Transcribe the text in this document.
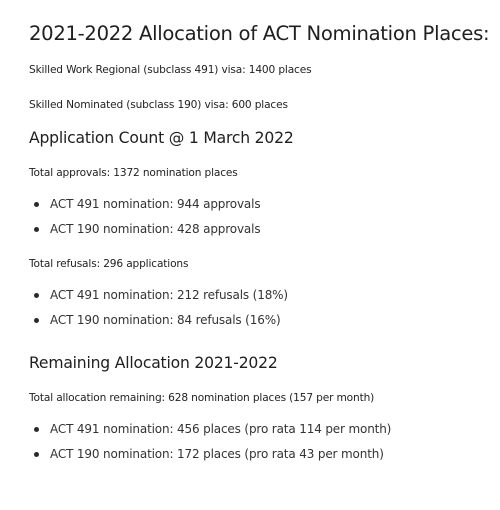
2021-2022 Allocation of ACT Nomination Places:

Skilled Work Regional (subclass 491) visa: 1400 places

Skilled Nominated (subclass 190) visa: 600 places

Application Count @ 1 March 2022

Total approvals: 1372 nomination places

ACT 491 nomination: 944 approvals
ACT 190 nomination: 428 approvals

Total refusals: 296 applications

ACT 491 nomination: 212 refusals (18%)
ACT 190 nomination: 84 refusals (16%)
Remaining Allocation 2021-2022

Total allocation remaining: 628 nomination places (157 per month)

ACT 491 nomination: 456 places (pro rata 114 per month)
ACT 190 nomination: 172 places (pro rata 43 per month)
